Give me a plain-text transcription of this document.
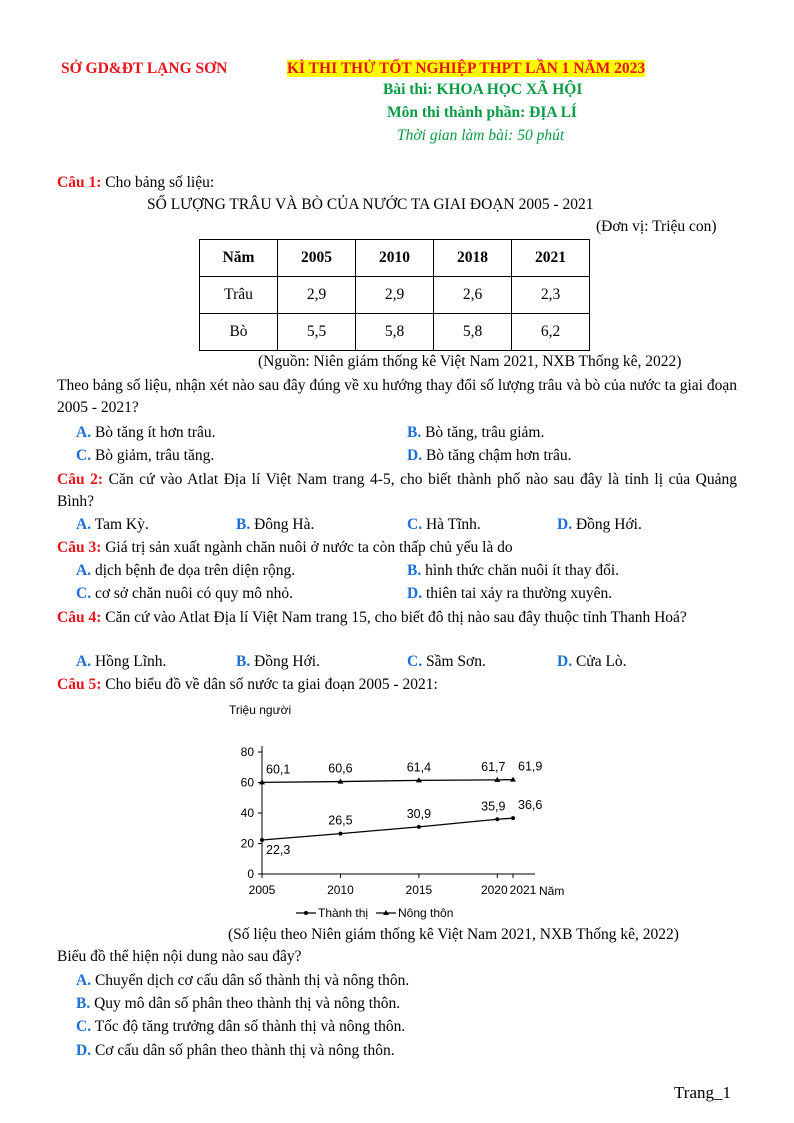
SỞ GD&ĐT LẠNG SƠN	KÌ THI THỬ TỐT NGHIỆP THPT LẦN 1 NĂM 2023
Bài thi: KHOA HỌC XÃ HỘI
Môn thi thành phần: ĐỊA LÍ
Thời gian làm bài: 50 phút
Câu 1: Cho bảng số liệu:
SỐ LƯỢNG TRÂU VÀ BÒ CỦA NƯỚC TA GIAI ĐOẠN 2005 - 2021
(Đơn vị: Triệu con)
Năm	2005	2010	2018	2021
Trâu	2,9	2,9	2,6	2,3
Bò	5,5	5,8	5,8	6,2
(Nguồn: Niên giám thống kê Việt Nam 2021, NXB Thống kê, 2022)
Theo bảng số liệu, nhận xét nào sau đây đúng về xu hướng thay đổi số lượng trâu và bò của nước ta giai đoạn 2005 - 2021?
A. Bò tăng ít hơn trâu.	B. Bò tăng, trâu giảm.
C. Bò giảm, trâu tăng.	D. Bò tăng chậm hơn trâu.
Câu 2: Căn cứ vào Atlat Địa lí Việt Nam trang 4-5, cho biết thành phố nào sau đây là tỉnh lị của Quảng Bình?
A. Tam Kỳ.	B. Đông Hà.	C. Hà Tĩnh.	D. Đồng Hới.
Câu 3: Giá trị sản xuất ngành chăn nuôi ở nước ta còn thấp chủ yếu là do
A. dịch bệnh đe dọa trên diện rộng.	B. hình thức chăn nuôi ít thay đổi.
C. cơ sở chăn nuôi có quy mô nhỏ.	D. thiên tai xảy ra thường xuyên.
Câu 4: Căn cứ vào Atlat Địa lí Việt Nam trang 15, cho biết đô thị nào sau đây thuộc tỉnh Thanh Hoá?
A. Hồng Lĩnh.	B. Đồng Hới.	C. Sầm Sơn.	D. Cửa Lò.
Câu 5: Cho biểu đồ về dân số nước ta giai đoạn 2005 - 2021:
Triệu người
0
20
40
60
80
2005	2010	2015	2020 2021 Năm
60,1	60,6	61,4	61,7 61,9
22,3
26,5	30,9
35,9 36,6
Thành thị Nông thôn
(Số liệu theo Niên giám thống kê Việt Nam 2021, NXB Thống kê, 2022)
Biểu đồ thể hiện nội dung nào sau đây?
A. Chuyển dịch cơ cấu dân số thành thị và nông thôn.
B. Quy mô dân số phân theo thành thị và nông thôn.
C. Tốc độ tăng trưởng dân số thành thị và nông thôn.
D. Cơ cấu dân số phân theo thành thị và nông thôn.
Trang_1
